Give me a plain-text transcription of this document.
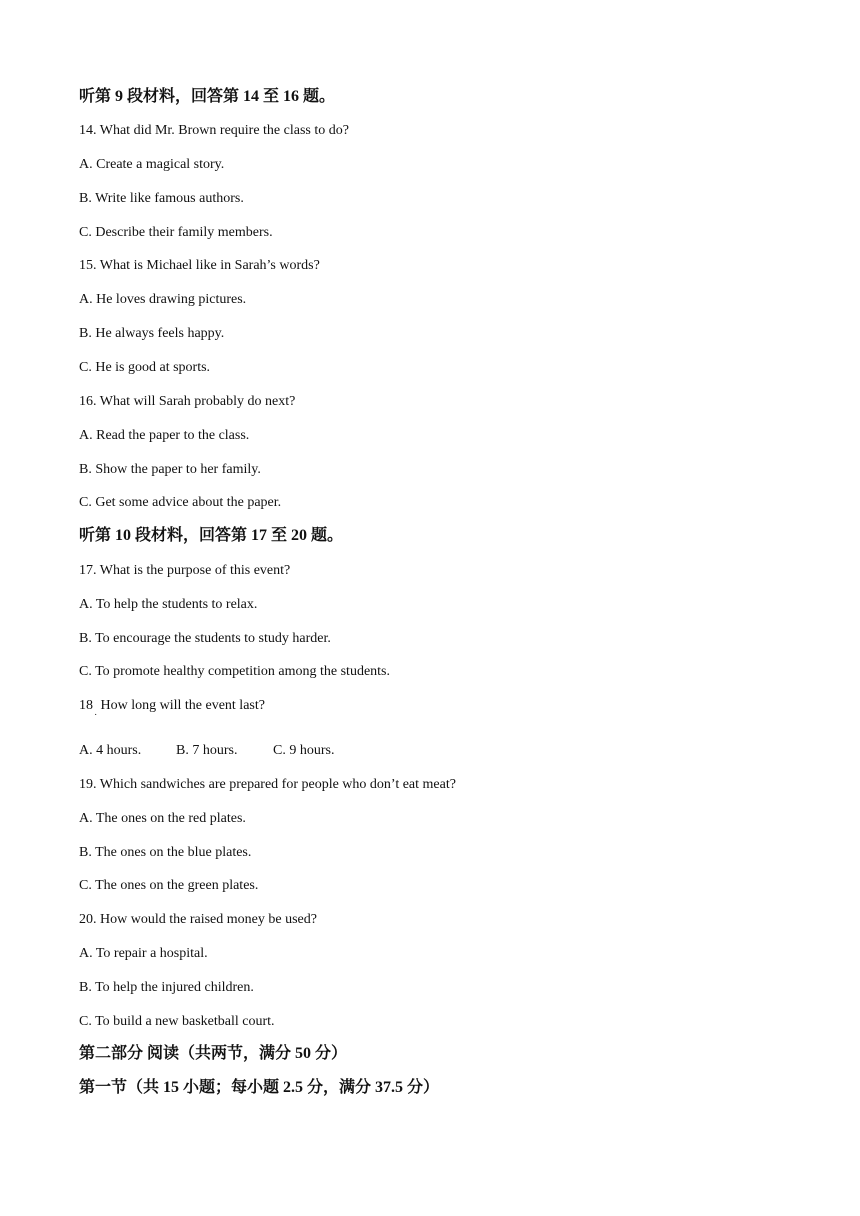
听第 9 段材料，回答第 14 至 16 题。
14. What did Mr. Brown require the class to do?
A. Create a magical story.
B. Write like famous authors.
C. Describe their family members.
15. What is Michael like in Sarah’s words?
A. He loves drawing pictures.
B. He always feels happy.
C. He is good at sports.
16. What will Sarah probably do next?
A. Read the paper to the class.
B. Show the paper to her family.
C. Get some advice about the paper.
听第 10 段材料，回答第 17 至 20 题。
17. What is the purpose of this event?
A. To help the students to relax.
B. To encourage the students to study harder.
C. To promote healthy competition among the students.
18 How long will the event last?
˙
A. 4 hours. B. 7 hours.	C. 9 hours.
19. Which sandwiches are prepared for people who don’t eat meat?
A. The ones on the red plates.
B. The ones on the blue plates.
C. The ones on the green plates.
20. How would the raised money be used?
A. To repair a hospital.
B. To help the injured children.
C. To build a new basketball court.
第二部分 阅读（共两节，满分 50 分）
第一节（共 15 小题；每小题 2.5 分，满分 37.5 分）
